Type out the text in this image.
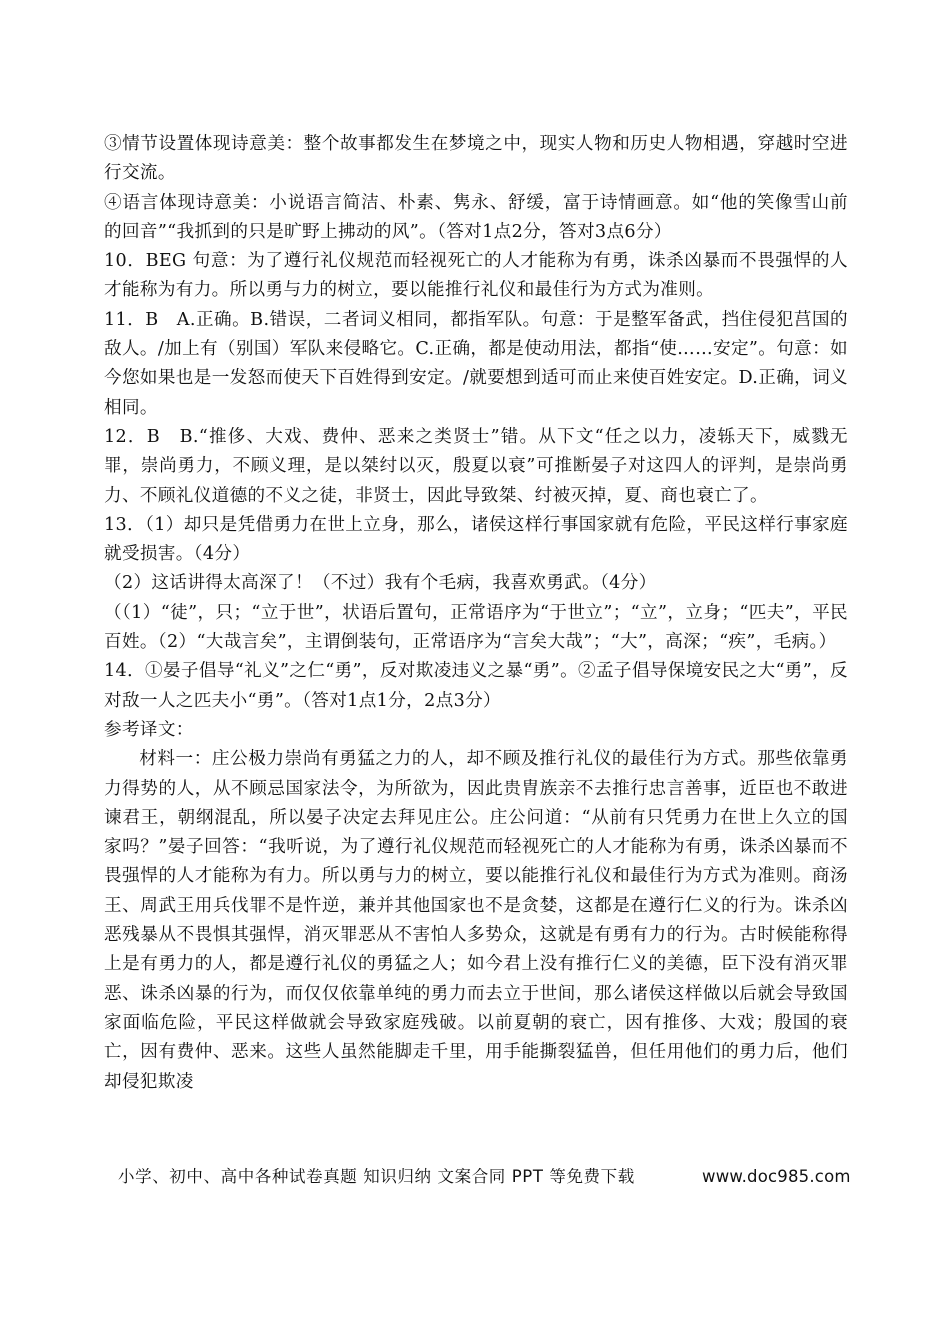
③情节设置体现诗意美：整个故事都发生在梦境之中，现实人物和历史人物相遇，穿越时空进行交流。

④语言体现诗意美：小说语言简洁、朴素、隽永、舒缓，富于诗情画意。如“他的笑像雪山前的回音”“我抓到的只是旷野上拂动的风”。（答对1点2分，答对3点6分）

10．BEG 句意：为了遵行礼仪规范而轻视死亡的人才能称为有勇，诛杀凶暴而不畏强悍的人才能称为有力。所以勇与力的树立，要以能推行礼仪和最佳行为方式为准则。

11．B　A.正确。B.错误，二者词义相同，都指军队。句意：于是整军备武，挡住侵犯莒国的敌人。/加上有（别国）军队来侵略它。C.正确，都是使动用法，都指“使……安定”。句意：如今您如果也是一发怒而使天下百姓得到安定。/就要想到适可而止来使百姓安定。D.正确，词义相同。

12．B　B.“推侈、大戏、费仲、恶来之类贤士”错。从下文“任之以力，凌轹天下，威戮无罪，崇尚勇力，不顾义理，是以桀纣以灭，殷夏以衰”可推断晏子对这四人的评判，是崇尚勇力、不顾礼仪道德的不义之徒，非贤士，因此导致桀、纣被灭掉，夏、商也衰亡了。

13．（1）却只是凭借勇力在世上立身，那么，诸侯这样行事国家就有危险，平民这样行事家庭就受损害。（4分）

（2）这话讲得太高深了！（不过）我有个毛病，我喜欢勇武。（4分）

（（1）“徒”，只；“立于世”，状语后置句，正常语序为“于世立”；“立”，立身；“匹夫”，平民百姓。（2）“大哉言矣”，主谓倒装句，正常语序为“言矣大哉”；“大”，高深；“疾”，毛病。）

14．①晏子倡导“礼义”之仁“勇”，反对欺凌违义之暴“勇”。②孟子倡导保境安民之大“勇”，反对敌一人之匹夫小“勇”。（答对1点1分，2点3分）

参考译文：

材料一：庄公极力崇尚有勇猛之力的人，却不顾及推行礼仪的最佳行为方式。那些依靠勇力得势的人，从不顾忌国家法令，为所欲为，因此贵胄族亲不去推行忠言善事，近臣也不敢进谏君王，朝纲混乱，所以晏子决定去拜见庄公。庄公问道：“从前有只凭勇力在世上久立的国家吗？”晏子回答：“我听说，为了遵行礼仪规范而轻视死亡的人才能称为有勇，诛杀凶暴而不畏强悍的人才能称为有力。所以勇与力的树立，要以能推行礼仪和最佳行为方式为准则。商汤王、周武王用兵伐罪不是忤逆，兼并其他国家也不是贪婪，这都是在遵行仁义的行为。诛杀凶恶残暴从不畏惧其强悍，消灭罪恶从不害怕人多势众，这就是有勇有力的行为。古时候能称得上是有勇力的人，都是遵行礼仪的勇猛之人；如今君上没有推行仁义的美德，臣下没有消灭罪恶、诛杀凶暴的行为，而仅仅依靠单纯的勇力而去立于世间，那么诸侯这样做以后就会导致国家面临危险，平民这样做就会导致家庭残破。以前夏朝的衰亡，因有推侈、大戏；殷国的衰亡，因有费仲、恶来。这些人虽然能脚走千里，用手能撕裂猛兽，但任用他们的勇力后，他们却侵犯欺凌

小学、初中、高中各种试卷真题 知识归纳 文案合同 PPT 等免费下载	www.doc985.com
